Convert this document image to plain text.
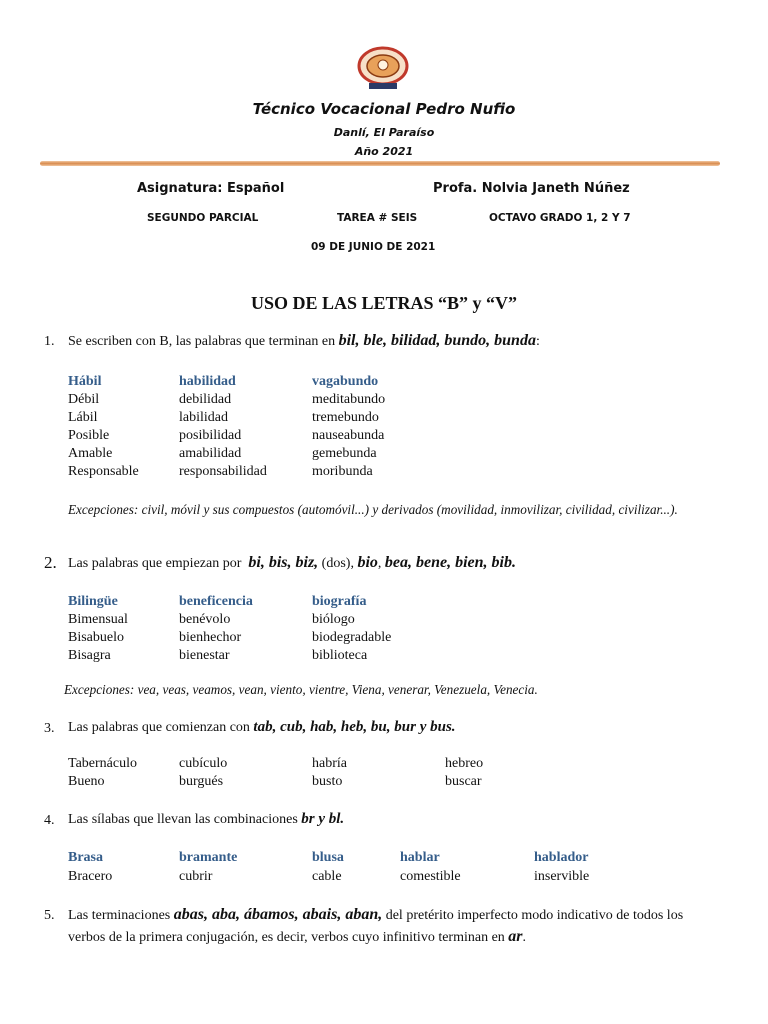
Técnico Vocacional Pedro Nufio
Danlí, El Paraíso
Año 2021
Asignatura: Español	Profa. Nolvia Janeth Núñez
SEGUNDO PARCIAL	TAREA # SEIS	OCTAVO GRADO 1, 2 Y 7
09 DE JUNIO DE 2021
USO DE LAS LETRAS “B” y “V”
1. Se escriben con B, las palabras que terminan en bil, ble, bilidad, bundo, bunda:
Hábil	habilidad	vagabundo
Débil	debilidad	meditabundo
Lábil	labilidad	tremebundo
Posible	posibilidad	nauseabunda
Amable	amabilidad	gemebunda
Responsable	responsabilidad	moribunda
Excepciones: civil, móvil y sus compuestos (automóvil...) y derivados (movilidad, inmovilizar, civilidad, civilizar...).
2. Las palabras que empiezan por bi, bis, biz, (dos), bio, bea, bene, bien, bib.
Bilingüe	beneficencia	biografía
Bimensual	benévolo	biólogo
Bisabuelo	bienhechor	biodegradable
Bisagra	bienestar	biblioteca
Excepciones: vea, veas, veamos, vean, viento, vientre, Viena, venerar, Venezuela, Venecia.
3. Las palabras que comienzan con tab, cub, hab, heb, bu, bur y bus.
Tabernáculo	cubículo	habría	hebreo
Bueno	burgués	busto	buscar
4. Las sílabas que llevan las combinaciones br y bl.
Brasa	bramante	blusa	hablar	hablador
Bracero	cubrir	cable	comestible	inservible
5. Las terminaciones abas, aba, ábamos, abais, aban, del pretérito imperfecto modo indicativo de todos los verbos de la primera conjugación, es decir, verbos cuyo infinitivo terminan en ar.
